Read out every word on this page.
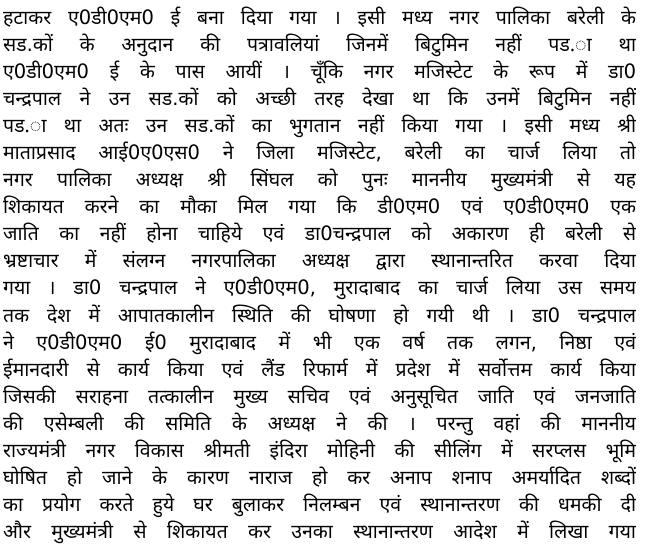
हटाकर ए0डी0एम0 ई बना दिया गया । इसी मध्य नगर पालिका बरेली के
सड.कों के अनुदान की पत्रावलियां जिनमें बिटुमिन नहीं पड.ा था
ए0डी0एम0 ई के पास आयीं । चूँकि नगर मजिस्टेट के रूप में डा0
चन्द्रपाल ने उन सड.कों को अच्छी तरह देखा था कि उनमें बिटुमिन नहीं
पड.ा था अतः उन सड.कों का भुगतान नहीं किया गया । इसी मध्य श्री
माताप्रसाद आई0ए0एस0 ने जिला मजिस्टेट, बरेली का चार्ज लिया तो
नगर पालिका अध्यक्ष श्री सिंघल को पुनः माननीय मुख्यमंत्री से यह
शिकायत करने का मौका मिल गया कि डी0एम0 एवं ए0डी0एम0 एक
जाति का नहीं होना चाहिये एवं डा0चन्द्रपाल को अकारण ही बरेली से
भ्रष्टाचार में संलग्न नगरपालिका अध्यक्ष द्वारा स्थानान्तरित करवा दिया
गया । डा0 चन्द्रपाल ने ए0डी0एम0, मुरादाबाद का चार्ज लिया उस समय
तक देश में आपातकालीन स्थिति की घोषणा हो गयी थी । डा0 चन्द्रपाल
ने ए0डी0एम0 ई0 मुरादाबाद में भी एक वर्ष तक लगन, निष्ठा एवं
ईमानदारी से कार्य किया एवं लैंड रिफार्म में प्रदेश में सर्वोत्तम कार्य किया
जिसकी सराहना तत्कालीन मुख्य सचिव एवं अनुसूचित जाति एवं जनजाति
की एसेम्बली की समिति के अध्यक्ष ने की । परन्तु वहां की माननीय
राज्यमंत्री नगर विकास श्रीमती इंदिरा मोहिनी की सीलिंग में सरप्लस भूमि
घोषित हो जाने के कारण नाराज हो कर अनाप शनाप अमर्यादित शब्दों
का प्रयोग करते हुये घर बुलाकर निलम्बन एवं स्थानान्तरण की धमकी दी
और मुख्यमंत्री से शिकायत कर उनका स्थानान्तरण आदेश में लिखा गया
